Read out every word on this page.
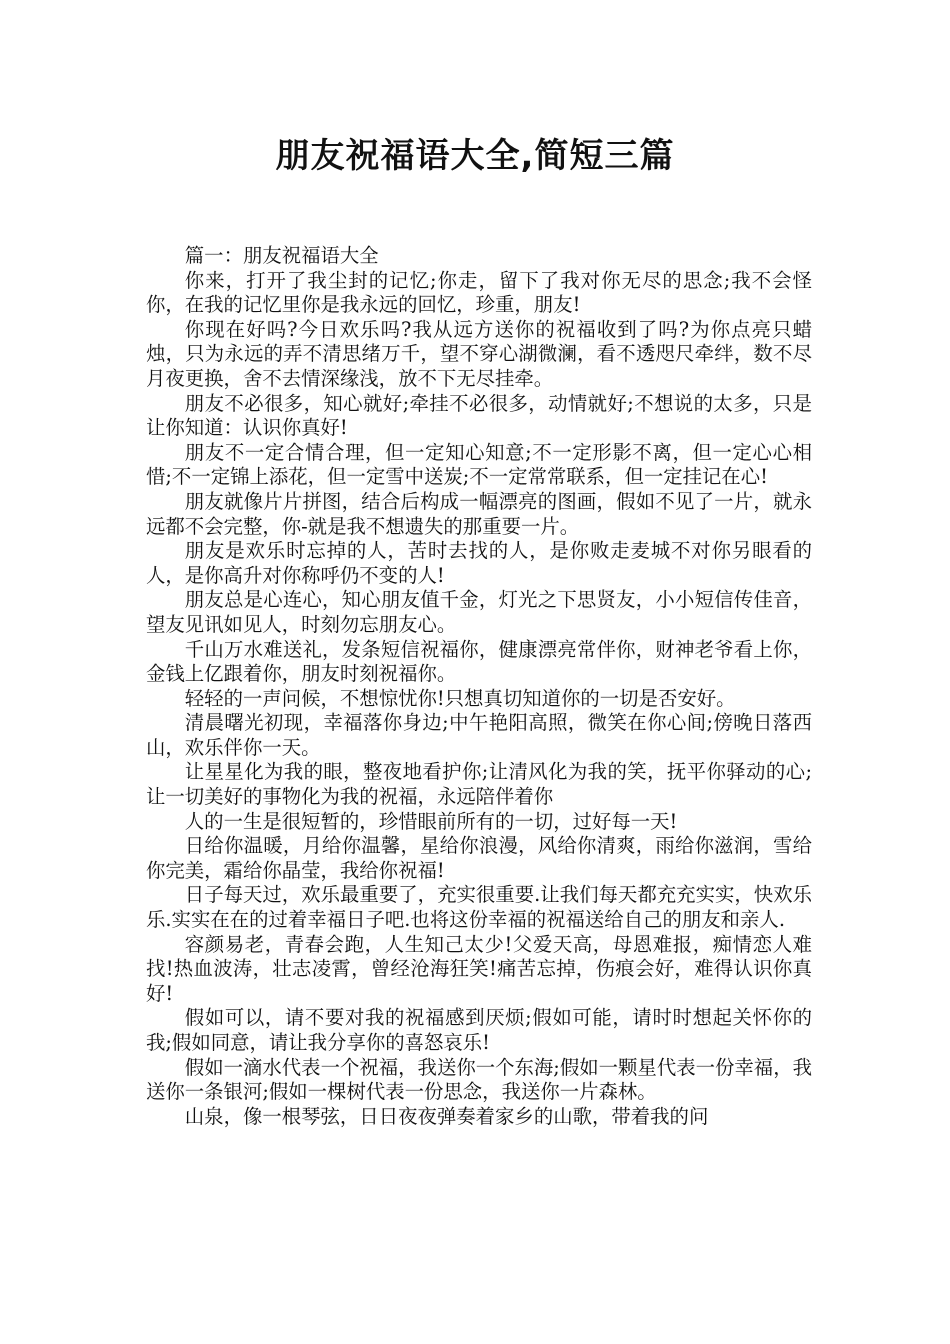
朋友祝福语大全,简短三篇

篇一：朋友祝福语大全

你来，打开了我尘封的记忆;你走，留下了我对你无尽的思念;我不会怪你，在我的记忆里你是我永远的回忆，珍重，朋友!

你现在好吗?今日欢乐吗?我从远方送你的祝福收到了吗?为你点亮只蜡烛，只为永远的弄不清思绪万千，望不穿心湖微澜，看不透咫尺牵绊，数不尽月夜更换，舍不去情深缘浅，放不下无尽挂牵。

朋友不必很多，知心就好;牵挂不必很多，动情就好;不想说的太多，只是让你知道：认识你真好!

朋友不一定合情合理，但一定知心知意;不一定形影不离，但一定心心相惜;不一定锦上添花，但一定雪中送炭;不一定常常联系，但一定挂记在心!

朋友就像片片拼图，结合后构成一幅漂亮的图画，假如不见了一片，就永远都不会完整，你-就是我不想遗失的那重要一片。

朋友是欢乐时忘掉的人，苦时去找的人，是你败走麦城不对你另眼看的人，是你高升对你称呼仍不变的人!

朋友总是心连心，知心朋友值千金，灯光之下思贤友，小小短信传佳音，望友见讯如见人，时刻勿忘朋友心。

千山万水难送礼，发条短信祝福你，健康漂亮常伴你，财神老爷看上你，金钱上亿跟着你，朋友时刻祝福你。

轻轻的一声问候，不想惊忧你!只想真切知道你的一切是否安好。

清晨曙光初现，幸福落你身边;中午艳阳高照，微笑在你心间;傍晚日落西山，欢乐伴你一天。

让星星化为我的眼，整夜地看护你;让清风化为我的笑，抚平你驿动的心;让一切美好的事物化为我的祝福，永远陪伴着你

人的一生是很短暂的，珍惜眼前所有的一切，过好每一天!

日给你温暖，月给你温馨，星给你浪漫，风给你清爽，雨给你滋润，雪给你完美，霜给你晶莹，我给你祝福!

日子每天过，欢乐最重要了，充实很重要.让我们每天都充充实实，快欢乐乐.实实在在的过着幸福日子吧.也将这份幸福的祝福送给自己的朋友和亲人.

容颜易老，青春会跑，人生知己太少!父爱天高，母恩难报，痴情恋人难找!热血波涛，壮志凌霄，曾经沧海狂笑!痛苦忘掉，伤痕会好，难得认识你真好!

假如可以，请不要对我的祝福感到厌烦;假如可能，请时时想起关怀你的我;假如同意，请让我分享你的喜怒哀乐!

假如一滴水代表一个祝福，我送你一个东海;假如一颗星代表一份幸福，我送你一条银河;假如一棵树代表一份思念，我送你一片森林。

山泉，像一根琴弦，日日夜夜弹奏着家乡的山歌，带着我的问
